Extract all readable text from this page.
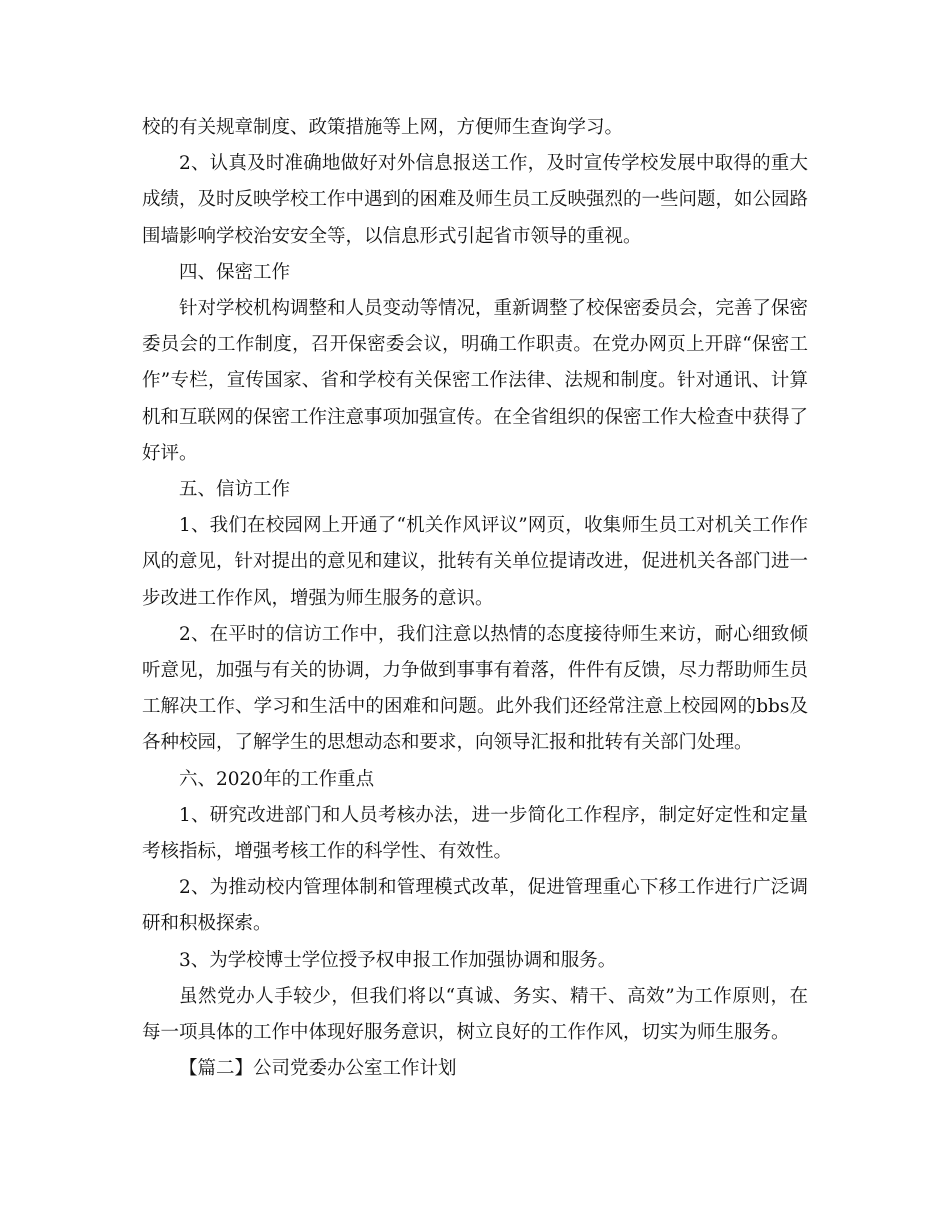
校的有关规章制度、政策措施等上网，方便师生查询学习。

2、认真及时准确地做好对外信息报送工作，及时宣传学校发展中取得的重大成绩，及时反映学校工作中遇到的困难及师生员工反映强烈的一些问题，如公园路围墙影响学校治安安全等，以信息形式引起省市领导的重视。

四、保密工作

针对学校机构调整和人员变动等情况，重新调整了校保密委员会，完善了保密委员会的工作制度，召开保密委会议，明确工作职责。在党办网页上开辟“保密工作”专栏，宣传国家、省和学校有关保密工作法律、法规和制度。针对通讯、计算机和互联网的保密工作注意事项加强宣传。在全省组织的保密工作大检查中获得了好评。

五、信访工作

1、我们在校园网上开通了“机关作风评议”网页，收集师生员工对机关工作作风的意见，针对提出的意见和建议，批转有关单位提请改进，促进机关各部门进一步改进工作作风，增强为师生服务的意识。

2、在平时的信访工作中，我们注意以热情的态度接待师生来访，耐心细致倾听意见，加强与有关的协调，力争做到事事有着落，件件有反馈，尽力帮助师生员工解决工作、学习和生活中的困难和问题。此外我们还经常注意上校园网的bbs及各种校园，了解学生的思想动态和要求，向领导汇报和批转有关部门处理。

六、2020年的工作重点

1、研究改进部门和人员考核办法，进一步简化工作程序，制定好定性和定量考核指标，增强考核工作的科学性、有效性。

2、为推动校内管理体制和管理模式改革，促进管理重心下移工作进行广泛调研和积极探索。

3、为学校博士学位授予权申报工作加强协调和服务。

虽然党办人手较少，但我们将以“真诚、务实、精干、高效”为工作原则，在每一项具体的工作中体现好服务意识，树立良好的工作作风，切实为师生服务。

【篇二】公司党委办公室工作计划
